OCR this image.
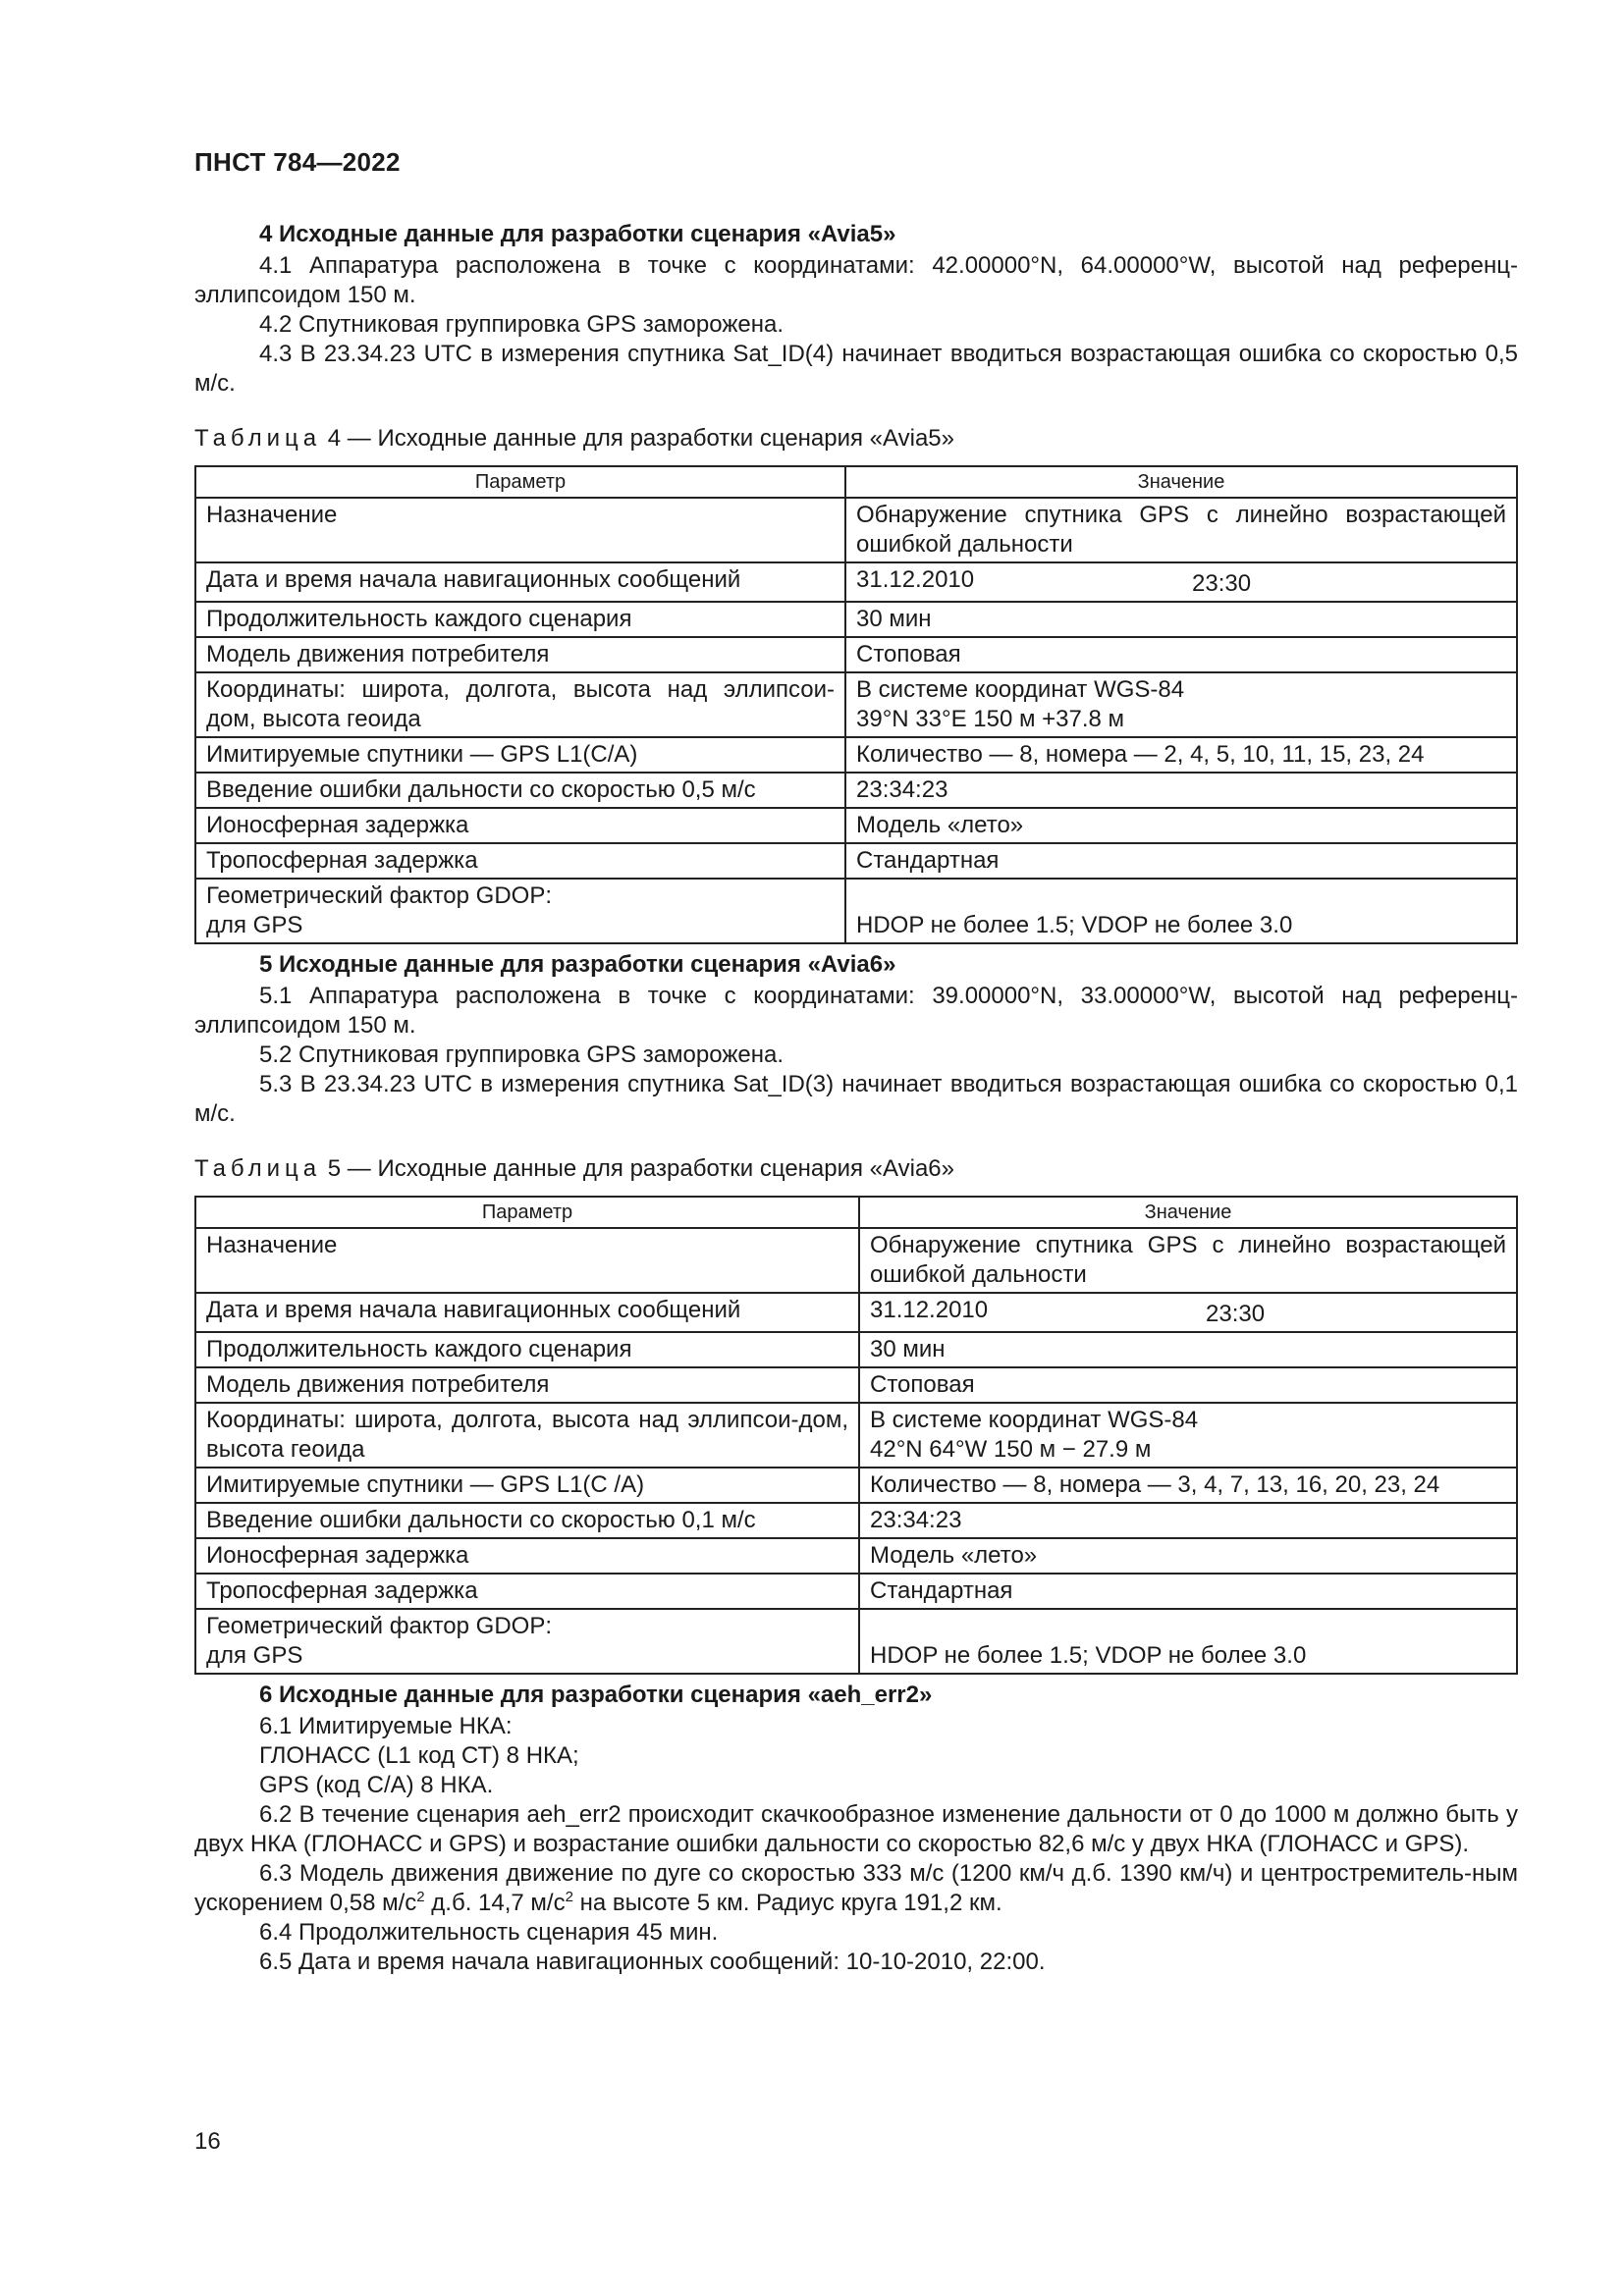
ПНСТ 784—2022
4 Исходные данные для разработки сценария «Avia5»

4.1 Аппаратура расположена в точке с координатами: 42.00000°N, 64.00000°W, высотой над референц-эллипсоидом 150 м.

4.2 Спутниковая группировка GPS заморожена.

4.3 В 23.34.23 UTC в измерения спутника Sat_ID(4) начинает вводиться возрастающая ошибка со скоростью 0,5 м/с.

Таблица 4 — Исходные данные для разработки сценария «Avia5»
Параметр	Значение
Назначение	Обнаружение спутника GPS с линейно возрастающей ошибкой дальности
Дата и время начала навигационных сообщений	31.12.2010 23:30

Продолжительность каждого сценария	30 мин
Модель движения потребителя	Стоповая
Координаты: широта, долгота, высота над эллипсои-дом, высота геоида	В системе координат WGS-84
39°N 33°E 150 м +37.8 м

Имитируемые спутники — GPS L1(C/A)	Количество — 8, номера — 2, 4, 5, 10, 11, 15, 23, 24
Введение ошибки дальности со скоростью 0,5 м/с	23:34:23
Ионосферная задержка	Модель «лето»
Тропосферная задержка	Стандартная

Геометрический фактор GDOP:
для GPS	HDOP не более 1.5; VDOP не более 3.0
5 Исходные данные для разработки сценария «Avia6»

5.1 Аппаратура расположена в точке с координатами: 39.00000°N, 33.00000°W, высотой над референц-эллипсоидом 150 м.

5.2 Спутниковая группировка GPS заморожена.

5.3 В 23.34.23 UTC в измерения спутника Sat_ID(3) начинает вводиться возрастающая ошибка со скоростью 0,1 м/с.

Таблица 5 — Исходные данные для разработки сценария «Avia6»
Параметр	Значение
Назначение	Обнаружение спутника GPS с линейно возрастающей ошибкой дальности
Дата и время начала навигационных сообщений	31.12.2010 23:30

Продолжительность каждого сценария	30 мин
Модель движения потребителя	Стоповая
Координаты: широта, долгота, высота над эллипсои-дом, высота геоида	В системе координат WGS-84
42°N 64°W 150 м − 27.9 м

Имитируемые спутники — GPS L1(C /A)	Количество — 8, номера — 3, 4, 7, 13, 16, 20, 23, 24
Введение ошибки дальности со скоростью 0,1 м/с	23:34:23
Ионосферная задержка	Модель «лето»
Тропосферная задержка	Стандартная

Геометрический фактор GDOP:
для GPS	HDOP не более 1.5; VDOP не более 3.0
6 Исходные данные для разработки сценария «aeh_err2»

6.1 Имитируемые НКА:

ГЛОНАСС (L1 код СТ) 8 НКА;

GPS (код C/A) 8 НКА.

6.2 В течение сценария aeh_err2 происходит скачкообразное изменение дальности от 0 до 1000 м должно быть у двух НКА (ГЛОНАСС и GPS) и возрастание ошибки дальности со скоростью 82,6 м/с у двух НКА (ГЛОНАСС и GPS).

6.3 Модель движения движение по дуге со скоростью 333 м/с (1200 км/ч д.б. 1390 км/ч) и центростремитель-ным ускорением 0,58 $м/с^2$ д.б. 14,7 $м/с^2$ на высоте 5 км. Радиус круга 191,2 км.

6.4 Продолжительность сценария 45 мин.

6.5 Дата и время начала навигационных сообщений: 10-10-2010, 22:00.

16
